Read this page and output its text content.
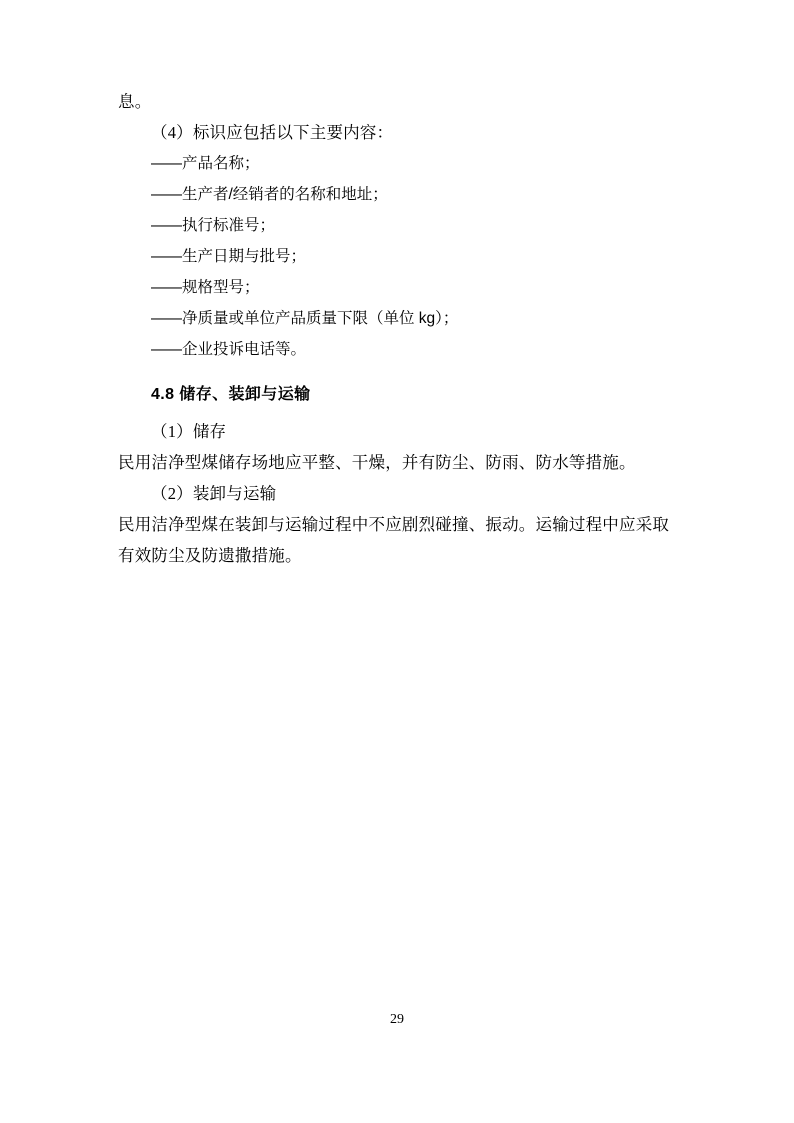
息。
（4）标识应包括以下主要内容：
——产品名称；
——生产者/经销者的名称和地址；
——执行标准号；
——生产日期与批号；
——规格型号；
——净质量或单位产品质量下限（单位 kg）；
——企业投诉电话等。
4.8 储存、装卸与运输
（1）储存
民用洁净型煤储存场地应平整、干燥，并有防尘、防雨、防水等措施。
（2）装卸与运输
民用洁净型煤在装卸与运输过程中不应剧烈碰撞、振动。运输过程中应采取有效防尘及防遗撒措施。
29
